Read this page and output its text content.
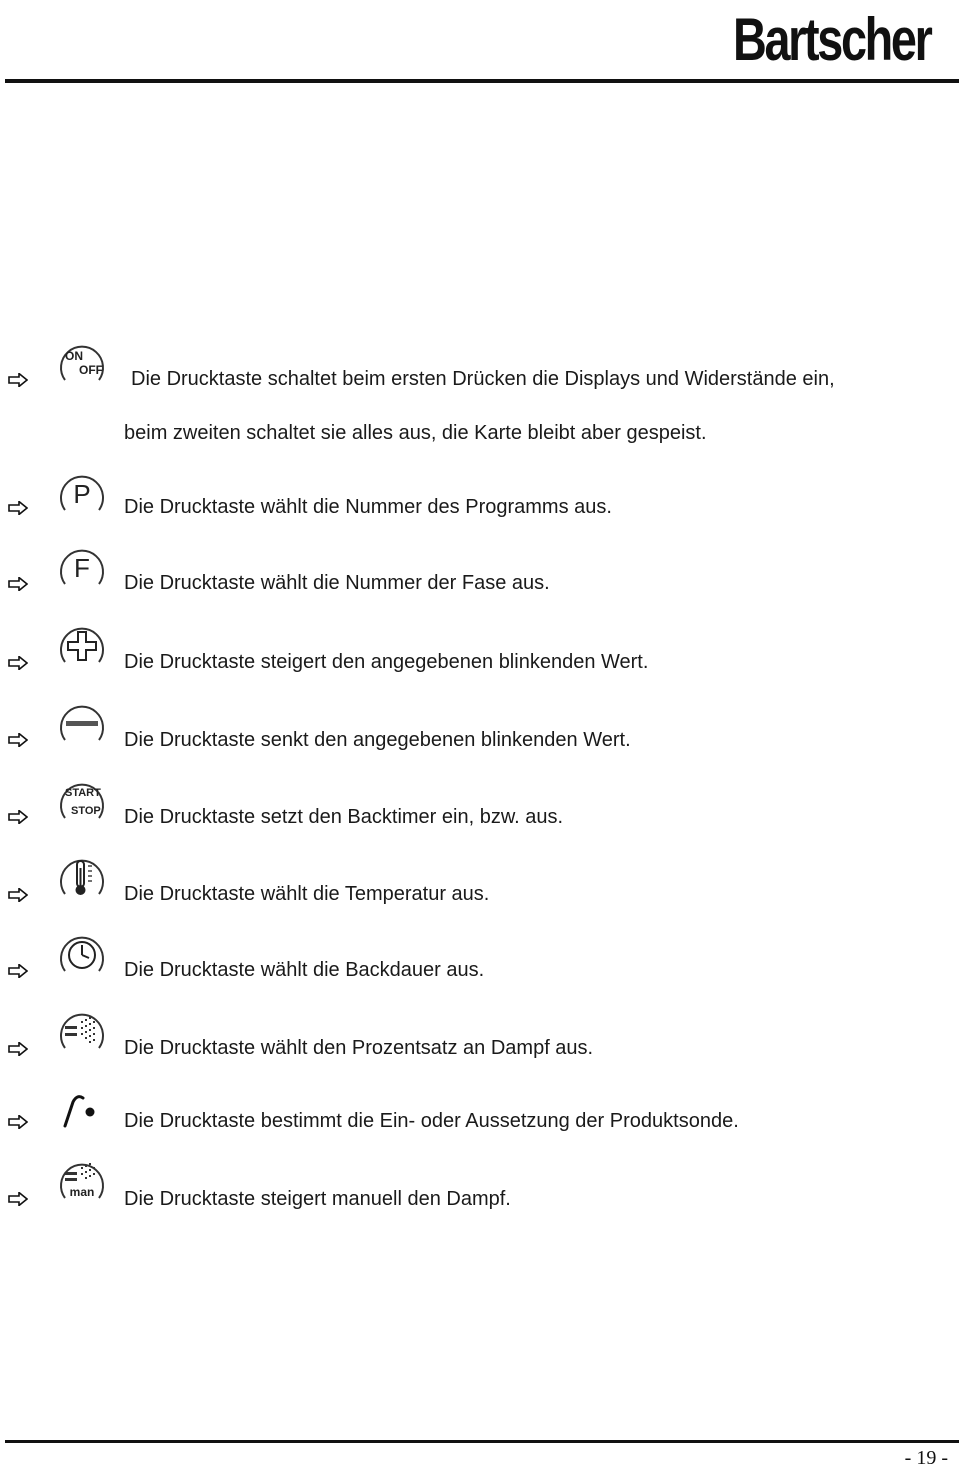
Bartscher
ON
OFF Die Drucktaste schaltet beim ersten Drücken die Displays und Widerstände ein,
beim zweiten schaltet sie alles aus, die Karte bleibt aber gespeist.
P Die Drucktaste wählt die Nummer des Programms aus.
F Die Drucktaste wählt die Nummer der Fase aus.
Die Drucktaste steigert den angegebenen blinkenden Wert.
Die Drucktaste senkt den angegebenen blinkenden Wert.
START
STOP Die Drucktaste setzt den Backtimer ein, bzw. aus.
Die Drucktaste wählt die Temperatur aus.
Die Drucktaste wählt die Backdauer aus.
Die Drucktaste wählt den Prozentsatz an Dampf aus.
Die Drucktaste bestimmt die Ein- oder Aussetzung der Produktsonde.
man Die Drucktaste steigert manuell den Dampf.
- 19 -
